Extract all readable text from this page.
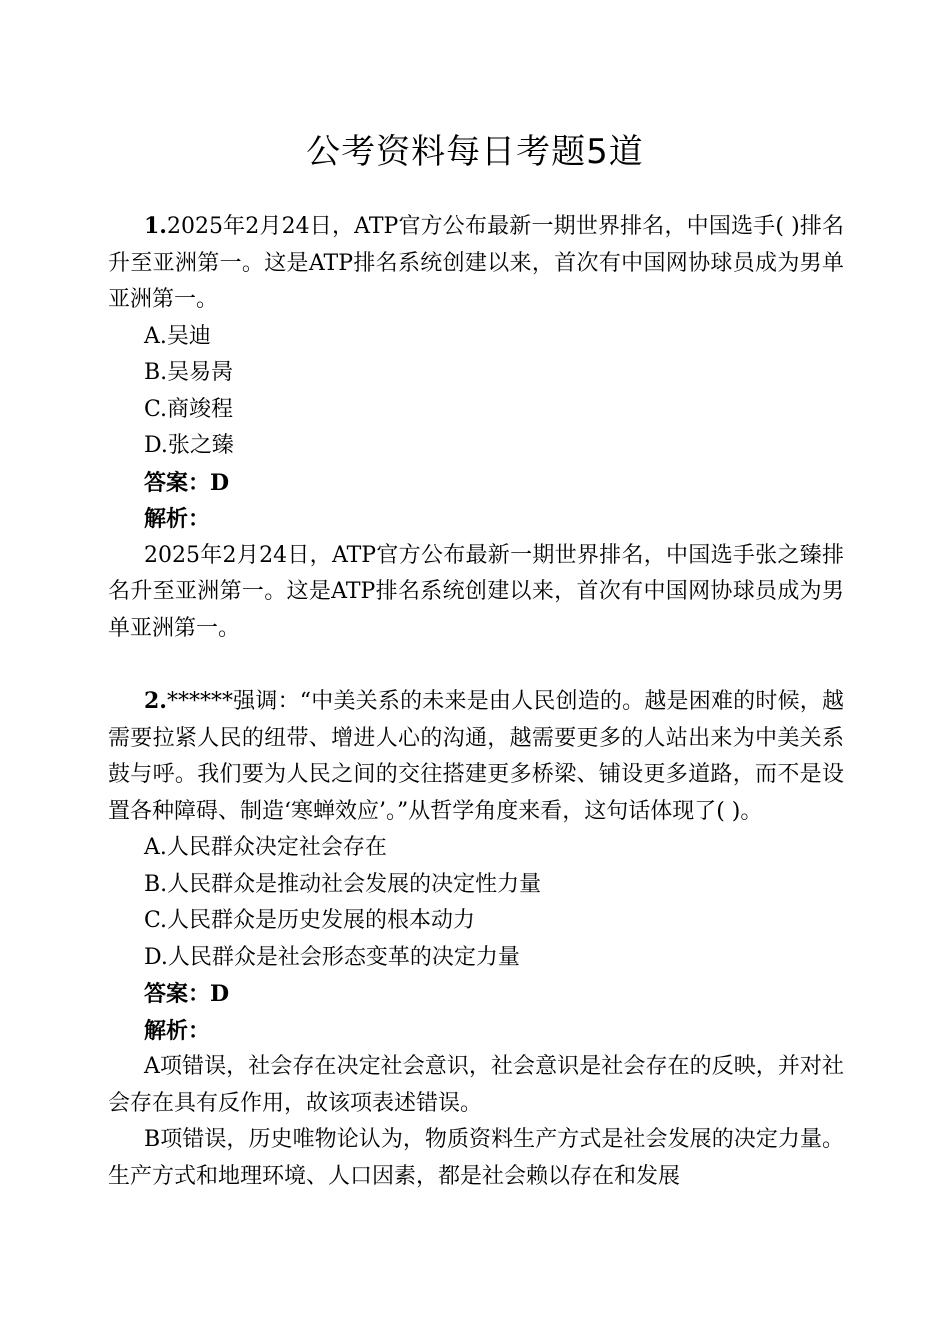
公考资料每日考题5道

1.2025年2月24日，ATP官方公布最新一期世界排名，中国选手( )排名升至亚洲第一。这是ATP排名系统创建以来，首次有中国网协球员成为男单亚洲第一。

A.吴迪

B.吴易昺

C.商竣程

D.张之臻

答案：D

解析：

2025年2月24日，ATP官方公布最新一期世界排名，中国选手张之臻排名升至亚洲第一。这是ATP排名系统创建以来，首次有中国网协球员成为男单亚洲第一。

2.******强调：“中美关系的未来是由人民创造的。越是困难的时候，越需要拉紧人民的纽带、增进人心的沟通，越需要更多的人站出来为中美关系鼓与呼。我们要为人民之间的交往搭建更多桥梁、铺设更多道路，而不是设置各种障碍、制造‘寒蝉效应’。”从哲学角度来看，这句话体现了( )。

A.人民群众决定社会存在

B.人民群众是推动社会发展的决定性力量

C.人民群众是历史发展的根本动力

D.人民群众是社会形态变革的决定力量

答案：D

解析：

A项错误，社会存在决定社会意识，社会意识是社会存在的反映，并对社会存在具有反作用，故该项表述错误。

B项错误，历史唯物论认为，物质资料生产方式是社会发展的决定力量。生产方式和地理环境、人口因素，都是社会赖以存在和发展
